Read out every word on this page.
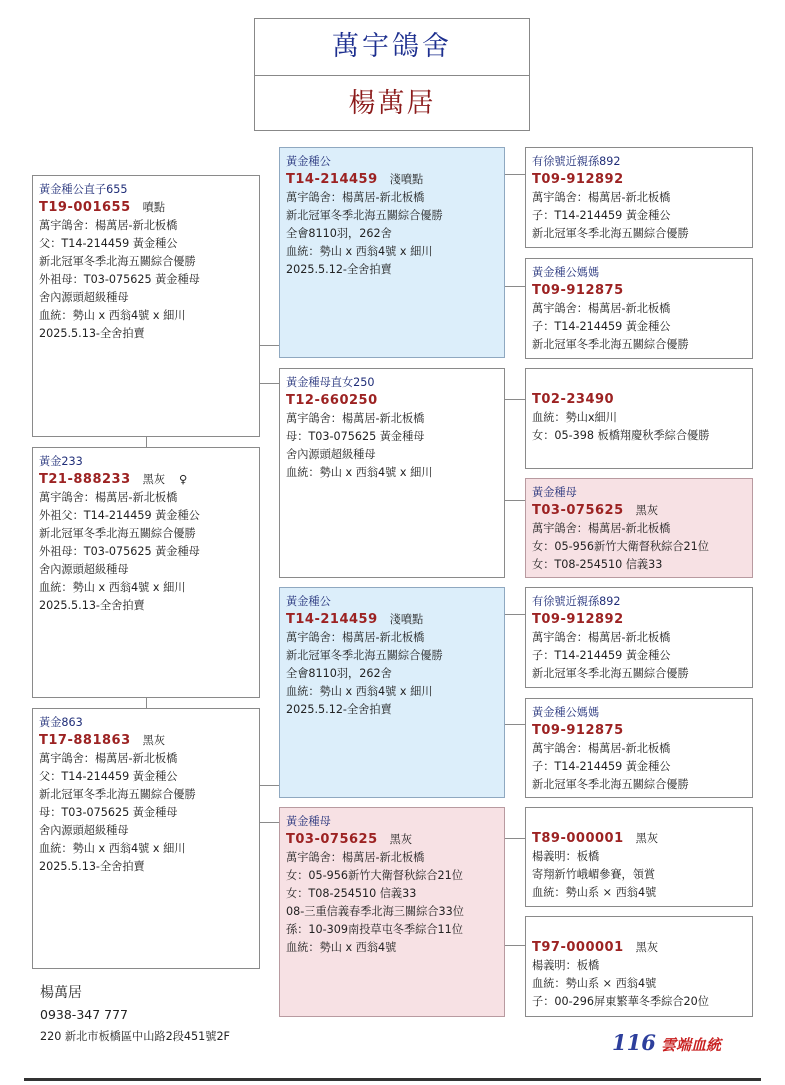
萬宇鴿舍
楊萬居
黃金種公直子655
T19-001655 噴點
萬宇鴿舍：楊萬居-新北板橋
父：T14-214459 黃金種公
新北冠軍冬季北海五關綜合優勝
外祖母：T03-075625 黃金種母
舍內源頭超級種母
血統：勢山 x 西翁4號 x 細川
2025.5.13-全舍拍賣
黃金233
T21-888233 黑灰 ♀
萬宇鴿舍：楊萬居-新北板橋
外祖父：T14-214459 黃金種公
新北冠軍冬季北海五關綜合優勝
外祖母：T03-075625 黃金種母
舍內源頭超級種母
血統：勢山 x 西翁4號 x 細川
2025.5.13-全舍拍賣
黃金863
T17-881863 黑灰
萬宇鴿舍：楊萬居-新北板橋
父：T14-214459 黃金種公
新北冠軍冬季北海五關綜合優勝
母：T03-075625 黃金種母
舍內源頭超級種母
血統：勢山 x 西翁4號 x 細川
2025.5.13-全舍拍賣
黃金種公
T14-214459 淺噴點
萬宇鴿舍：楊萬居-新北板橋
新北冠軍冬季北海五關綜合優勝
全會8110羽，262舍
血統：勢山 x 西翁4號 x 細川
2025.5.12-全舍拍賣
黃金種母直女250
T12-660250
萬宇鴿舍：楊萬居-新北板橋
母：T03-075625 黃金種母
舍內源頭超級種母
血統：勢山 x 西翁4號 x 細川
黃金種公
T14-214459 淺噴點
萬宇鴿舍：楊萬居-新北板橋
新北冠軍冬季北海五關綜合優勝
全會8110羽，262舍
血統：勢山 x 西翁4號 x 細川
2025.5.12-全舍拍賣
黃金種母
T03-075625 黑灰
萬宇鴿舍：楊萬居-新北板橋
女：05-956新竹大衛督秋綜合21位
女：T08-254510 信義33
08-三重信義春季北海三關綜合33位
孫：10-309南投草屯冬季綜合11位
血統：勢山 x 西翁4號
有徐號近親孫892
T09-912892
萬宇鴿舍：楊萬居-新北板橋
子：T14-214459 黃金種公
新北冠軍冬季北海五關綜合優勝
黃金種公媽媽
T09-912875
萬宇鴿舍：楊萬居-新北板橋
子：T14-214459 黃金種公
新北冠軍冬季北海五關綜合優勝
T02-23490
血統：勢山x細川
女：05-398 板橋翔慶秋季綜合優勝
黃金種母
T03-075625 黑灰
萬宇鴿舍：楊萬居-新北板橋
女：05-956新竹大衛督秋綜合21位
女：T08-254510 信義33
有徐號近親孫892
T09-912892
萬宇鴿舍：楊萬居-新北板橋
子：T14-214459 黃金種公
新北冠軍冬季北海五關綜合優勝
黃金種公媽媽
T09-912875
萬宇鴿舍：楊萬居-新北板橋
子：T14-214459 黃金種公
新北冠軍冬季北海五關綜合優勝
T89-000001 黑灰
楊義明：板橋
寄翔新竹峨嵋參賽，領賞
血統：勢山系 × 西翁4號
T97-000001 黑灰
楊義明：板橋
血統：勢山系 × 西翁4號
子：00-296屏東繁華冬季綜合20位
楊萬居
0938-347 777
220 新北市板橋區中山路2段451號2F	116 雲端血統
